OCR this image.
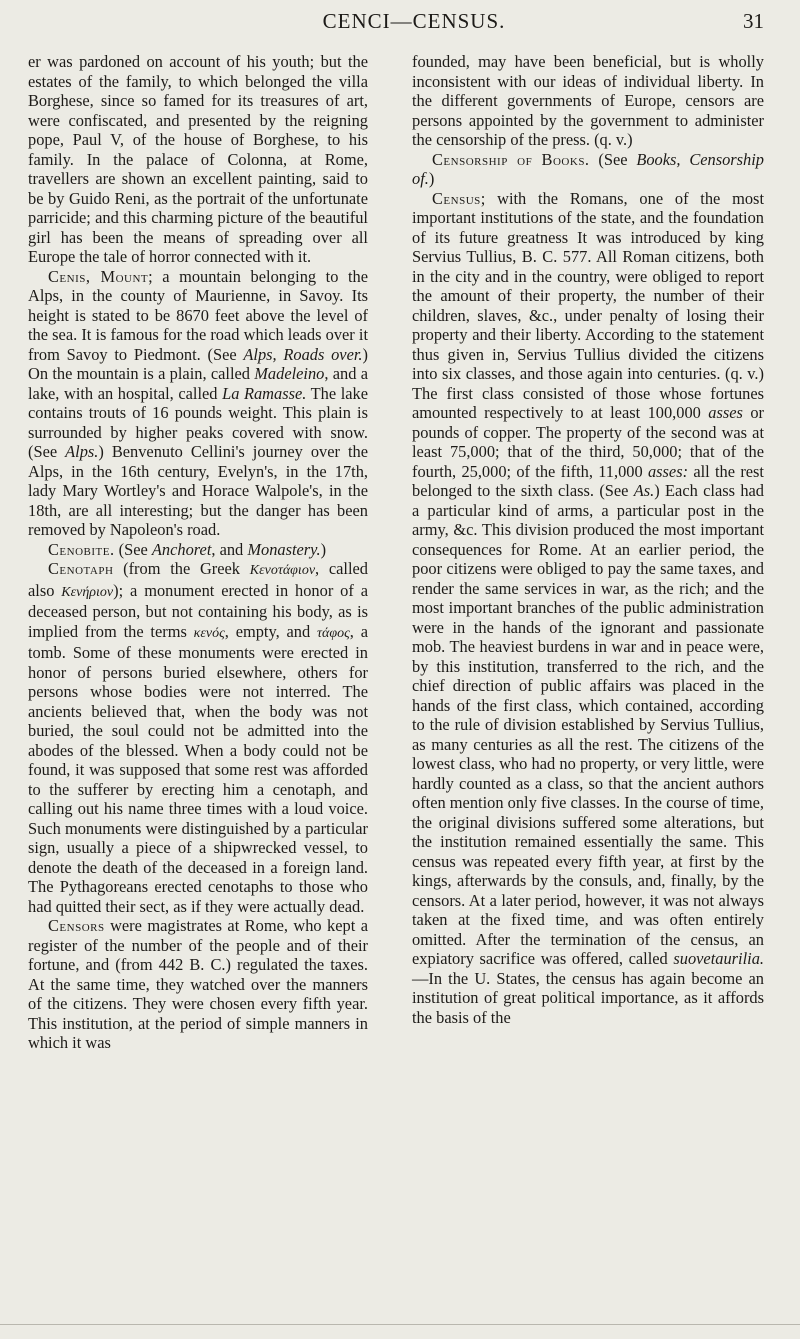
CENCI—CENSUS.	31

er was pardoned on account of his youth; but the estates of the family, to which belonged the villa Borghese, since so famed for its treasures of art, were confiscated, and presented by the reigning pope, Paul V, of the house of Borghese, to his family. In the palace of Colonna, at Rome, travellers are shown an excellent painting, said to be by Guido Reni, as the portrait of the unfortunate parricide; and this charming picture of the beautiful girl has been the means of spreading over all Europe the tale of horror connected with it.

Cenis, Mount; a mountain belonging to the Alps, in the county of Maurienne, in Savoy. Its height is stated to be 8670 feet above the level of the sea. It is famous for the road which leads over it from Savoy to Piedmont. (See Alps, Roads over.) On the mountain is a plain, called Madeleino, and a lake, with an hospital, called La Ramasse. The lake contains trouts of 16 pounds weight. This plain is surrounded by higher peaks covered with snow. (See Alps.) Benvenuto Cellini's journey over the Alps, in the 16th century, Evelyn's, in the 17th, lady Mary Wortley's and Horace Walpole's, in the 18th, are all interesting; but the danger has been removed by Napoleon's road.

Cenobite. (See Anchoret, and Monastery.)

Cenotaph (from the Greek Κενοτάφιον, called also Κενήριον); a monument erected in honor of a deceased person, but not containing his body, as is implied from the terms κενός, empty, and τάφος, a tomb. Some of these monuments were erected in honor of persons buried elsewhere, others for persons whose bodies were not interred. The ancients believed that, when the body was not buried, the soul could not be admitted into the abodes of the blessed. When a body could not be found, it was supposed that some rest was afforded to the sufferer by erecting him a cenotaph, and calling out his name three times with a loud voice. Such monuments were distinguished by a particular sign, usually a piece of a shipwrecked vessel, to denote the death of the deceased in a foreign land. The Pythagoreans erected cenotaphs to those who had quitted their sect, as if they were actually dead.

Censors were magistrates at Rome, who kept a register of the number of the people and of their fortune, and (from 442 B. C.) regulated the taxes. At the same time, they watched over the manners of the citizens. They were chosen every fifth year. This institution, at the period of simple manners in which it was

founded, may have been beneficial, but is wholly inconsistent with our ideas of individual liberty. In the different governments of Europe, censors are persons appointed by the government to administer the censorship of the press. (q. v.)

Censorship of Books. (See Books, Censorship of.)

Census; with the Romans, one of the most important institutions of the state, and the foundation of its future greatness It was introduced by king Servius Tullius, B. C. 577. All Roman citizens, both in the city and in the country, were obliged to report the amount of their property, the number of their children, slaves, &c., under penalty of losing their property and their liberty. According to the statement thus given in, Servius Tullius divided the citizens into six classes, and those again into centuries. (q. v.) The first class consisted of those whose fortunes amounted respectively to at least 100,000 asses or pounds of copper. The property of the second was at least 75,000; that of the third, 50,000; that of the fourth, 25,000; of the fifth, 11,000 asses: all the rest belonged to the sixth class. (See As.) Each class had a particular kind of arms, a particular post in the army, &c. This division produced the most important consequences for Rome. At an earlier period, the poor citizens were obliged to pay the same taxes, and render the same services in war, as the rich; and the most important branches of the public administration were in the hands of the ignorant and passionate mob. The heaviest burdens in war and in peace were, by this institution, transferred to the rich, and the chief direction of public affairs was placed in the hands of the first class, which contained, according to the rule of division established by Servius Tullius, as many centuries as all the rest. The citizens of the lowest class, who had no property, or very little, were hardly counted as a class, so that the ancient authors often mention only five classes. In the course of time, the original divisions suffered some alterations, but the institution remained essentially the same. This census was repeated every fifth year, at first by the kings, afterwards by the consuls, and, finally, by the censors. At a later period, however, it was not always taken at the fixed time, and was often entirely omitted. After the termination of the census, an expiatory sacrifice was offered, called suovetaurilia. —In the U. States, the census has again become an institution of great political importance, as it affords the basis of the
